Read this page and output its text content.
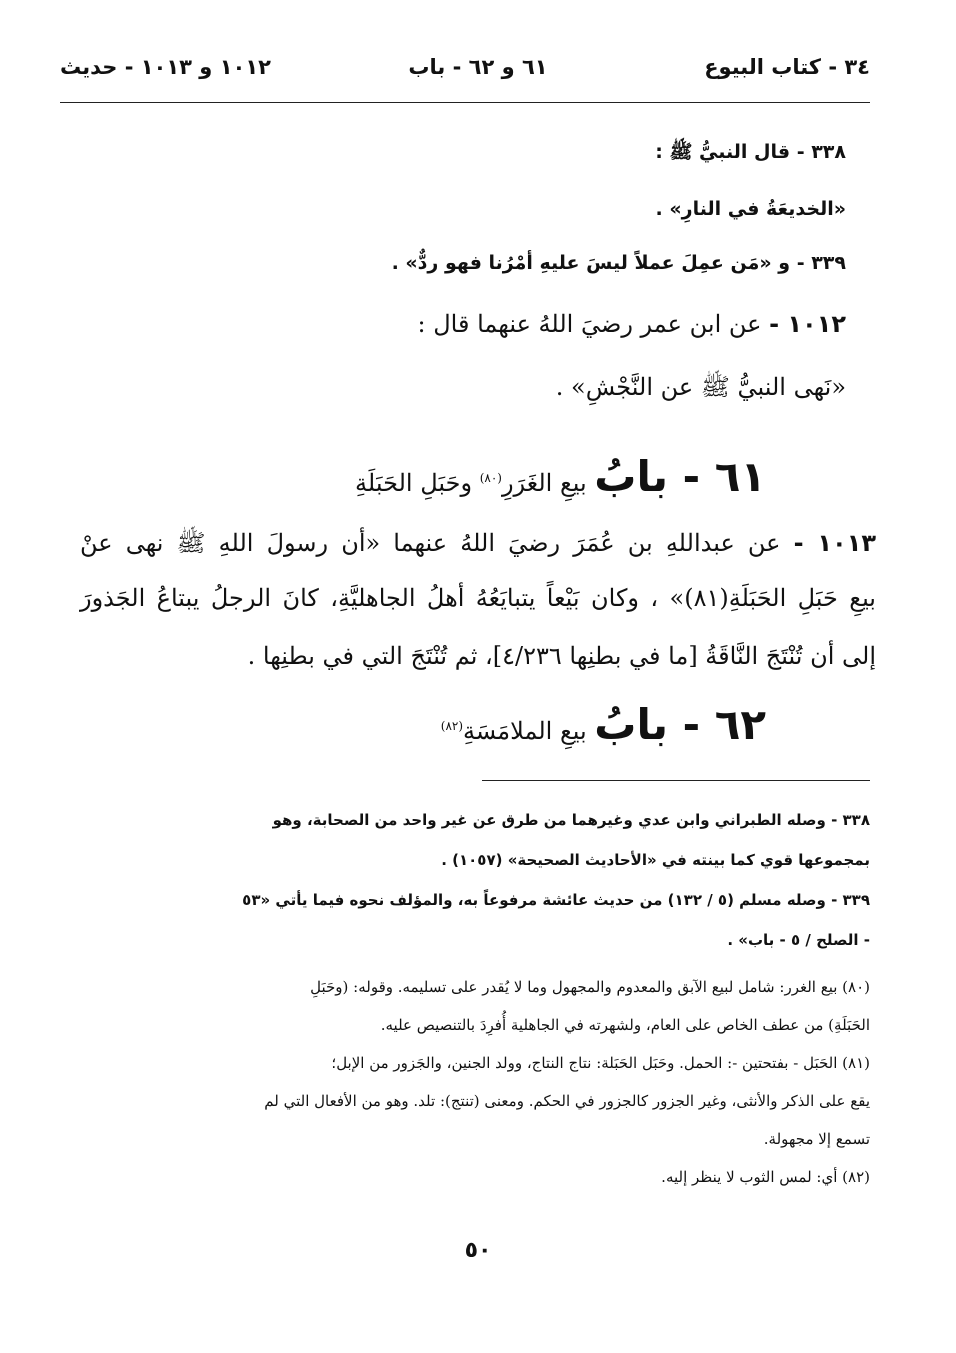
٣٤ - كتاب البيوع
٦١ و ٦٢ - باب
١٠١٢ و ١٠١٣ - حديث
٣٣٨ - قال النبيُّ ﷺ :
«الخديعَةُ في النارِ» .
٣٣٩ - و «مَن عمِلَ عملاً ليسَ عليهِ أمْرُنا فهو ردٌّ» .
١٠١٢ - عن ابن عمر رضيَ اللهُ عنهما قال :
«نَهى النبيُّ ﷺ عن النَّجْشِ» .
٦١ - بابُ بيعِ الغَرَرِ$^{(٨٠)}$ وحَبَلِ الحَبَلَةِ
١٠١٣ - عن عبداللهِ بن عُمَرَ رضيَ اللهُ عنهما «أن رسولَ اللهِ ﷺ نهى عنْ
بيعِ حَبَلِ الحَبَلَةِ(٨١)» ، وكان بَيْعاً يتبايَعُهُ أهلُ الجاهليَّةِ، كانَ الرجلُ يبتاعُ الجَذورَ
إلى أن تُنْتَجَ النَّاقَةُ [ما في بطنِها ٤/٢٣٦]، ثم تُنْتَجَ التي في بطنِها .
٦٢ - بابُ بيعِ الملامَسَةِ$^{(٨٢)}$
٣٣٨ - وصله الطبراني وابن عدي وغيرهما من طرق عن غير واحد من الصحابة، وهو
بمجموعها قوي كما بينته في «الأحاديث الصحيحة» (١٠٥٧) .
٣٣٩ - وصله مسلم (٥ / ١٣٢) من حديث عائشة مرفوعاً به، والمؤلف نحوه فيما يأتي «٥٣
- الصلح / ٥ - باب» .
(٨٠) بيع الغرر: شامل لبيع الآبق والمعدوم والمجهول وما لا يُقدر على تسليمه. وقوله: (وحَبَلِ
الحَبَلَةِ) من عطف الخاص على العام، ولشهرته في الجاهلية أُفرِدَ بالتنصيص عليه.
(٨١) الحَبَل - بفتحتين -: الحمل. وحَبَل الحَبَلة: نتاج النتاج، وولد الجنين، والجَزور من الإبل؛
يقع على الذكر والأنثى، وغير الجزور كالجزور في الحكم. ومعنى (تنتج): تلد. وهو من الأفعال التي لم
تسمع إلا مجهولة.
(٨٢) أي: لمس الثوب لا ينظر إليه.
٥٠
